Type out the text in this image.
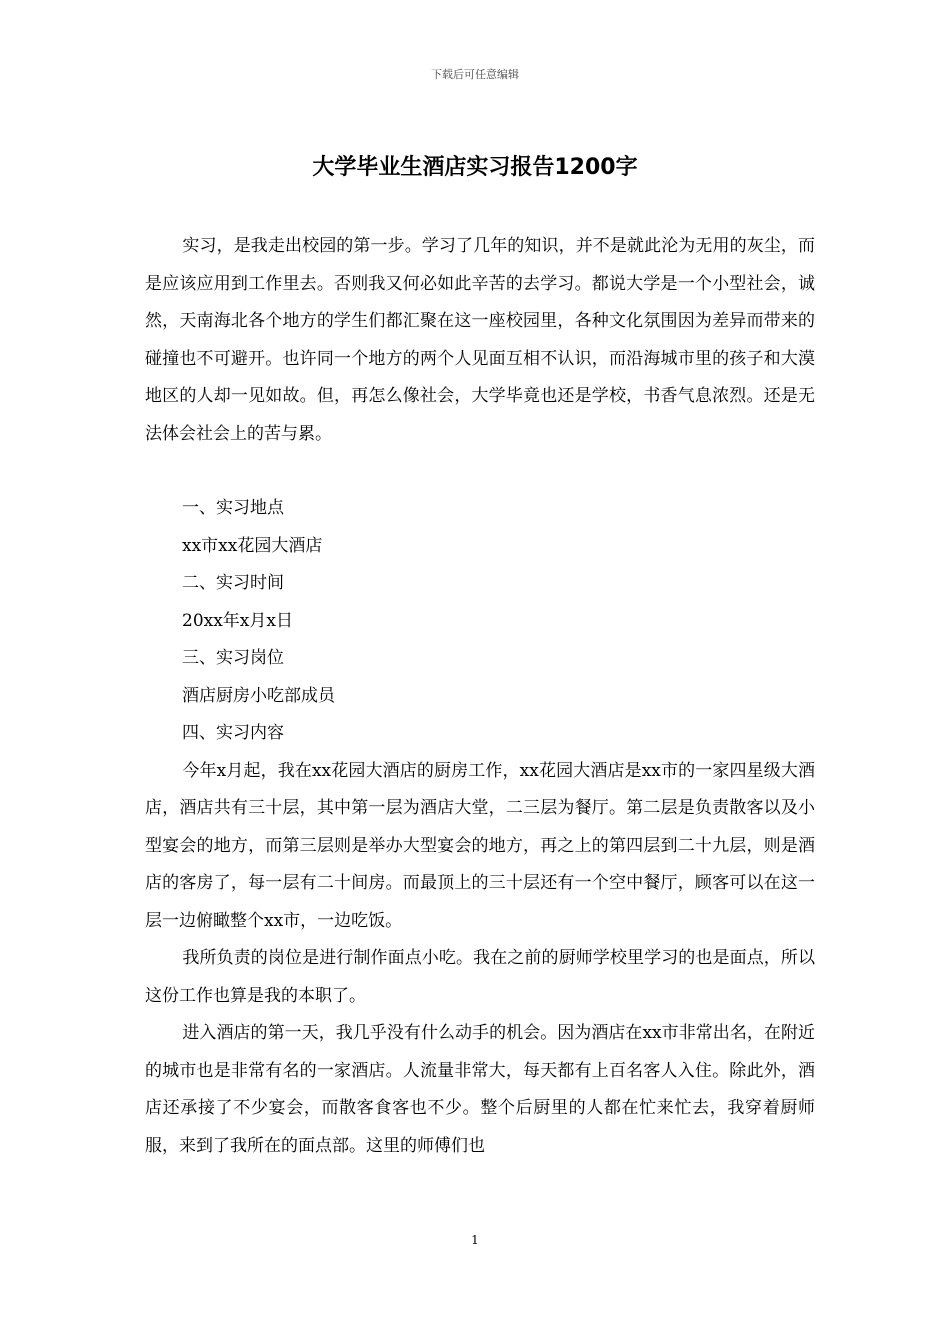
下载后可任意编辑
大学毕业生酒店实习报告1200字

实习，是我走出校园的第一步。学习了几年的知识，并不是就此沦为无用的灰尘，而是应该应用到工作里去。否则我又何必如此辛苦的去学习。都说大学是一个小型社会，诚然，天南海北各个地方的学生们都汇聚在这一座校园里，各种文化氛围因为差异而带来的碰撞也不可避开。也许同一个地方的两个人见面互相不认识，而沿海城市里的孩子和大漠地区的人却一见如故。但，再怎么像社会，大学毕竟也还是学校，书香气息浓烈。还是无法体会社会上的苦与累。

一、实习地点

xx市xx花园大酒店

二、实习时间

20xx年x月x日

三、实习岗位

酒店厨房小吃部成员

四、实习内容

今年x月起，我在xx花园大酒店的厨房工作，xx花园大酒店是xx市的一家四星级大酒店，酒店共有三十层，其中第一层为酒店大堂，二三层为餐厅。第二层是负责散客以及小型宴会的地方，而第三层则是举办大型宴会的地方，再之上的第四层到二十九层，则是酒店的客房了，每一层有二十间房。而最顶上的三十层还有一个空中餐厅，顾客可以在这一层一边俯瞰整个xx市，一边吃饭。

我所负责的岗位是进行制作面点小吃。我在之前的厨师学校里学习的也是面点，所以这份工作也算是我的本职了。

进入酒店的第一天，我几乎没有什么动手的机会。因为酒店在xx市非常出名，在附近的城市也是非常有名的一家酒店。人流量非常大，每天都有上百名客人入住。除此外，酒店还承接了不少宴会，而散客食客也不少。整个后厨里的人都在忙来忙去，我穿着厨师服，来到了我所在的面点部。这里的师傅们也

1
